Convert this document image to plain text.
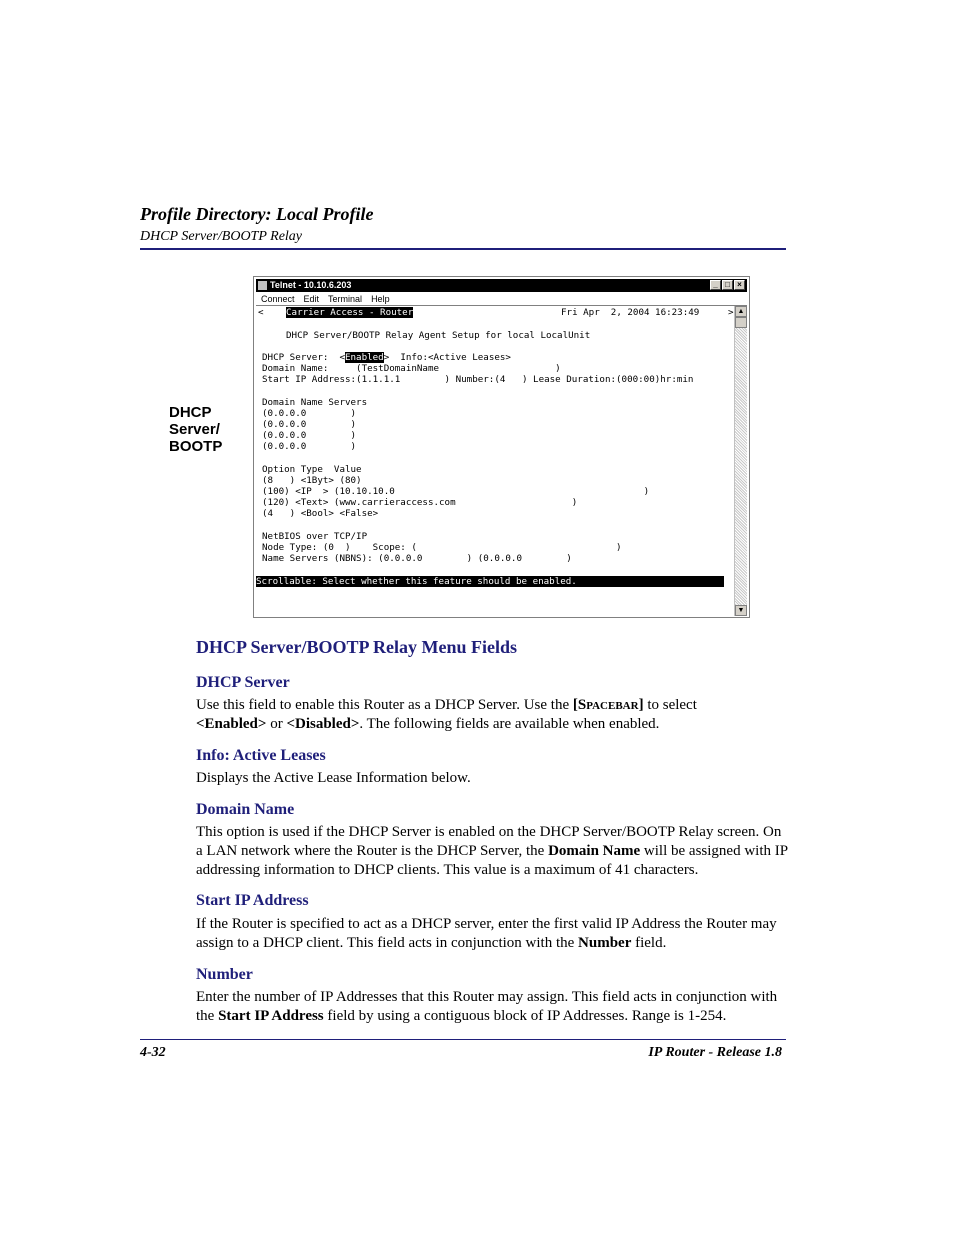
Profile Directory: Local Profile
DHCP Server/BOOTP Relay
DHCP
Server/
BOOTP
Telnet - 10.10.6.203	_ □ ×
Connect Edit Terminal Help
Carrier Access - Router	Fri Apr  2, 2004 16:23:49
<	>
DHCP Server/BOOTP Relay Agent Setup for local LocalUnit
DHCP Server:  <Enabled>  Info:<Active Leases>
Domain Name:     (TestDomainName                     )
Start IP Address:(1.1.1.1        ) Number:(4   ) Lease Duration:(000:00)hr:min
Domain Name Servers
(0.0.0.0        )
(0.0.0.0        )
(0.0.0.0        )
(0.0.0.0        )
Option Type  Value
(8   ) <1Byt> (80)
(100) <IP  > (10.10.10.0                                             )
(120) <Text> (www.carrieraccess.com                     )
(4   ) <Bool> <False>
NetBIOS over TCP/IP
Node Type: (0  )    Scope: (                                    )
Name Servers (NBNS): (0.0.0.0        ) (0.0.0.0        )
Scrollable: Select whether this feature should be enabled.
▲
▼
DHCP Server/BOOTP Relay Menu Fields
DHCP Server
Use this field to enable this Router as a DHCP Server. Use the [Spacebar] to select
<Enabled> or <Disabled>. The following fields are available when enabled.
Info: Active Leases
Displays the Active Lease Information below.
Domain Name
This option is used if the DHCP Server is enabled on the DHCP Server/BOOTP Relay screen. On a LAN network where the Router is the DHCP Server, the Domain Name will be assigned with IP addressing information to DHCP clients. This value is a maximum of 41 characters.
Start IP Address
If the Router is specified to act as a DHCP server, enter the first valid IP Address the Router may assign to a DHCP client. This field acts in conjunction with the Number field.
Number
Enter the number of IP Addresses that this Router may assign. This field acts in conjunction with the Start IP Address field by using a contiguous block of IP Addresses. Range is 1-254.
4-32	IP Router - Release 1.8
